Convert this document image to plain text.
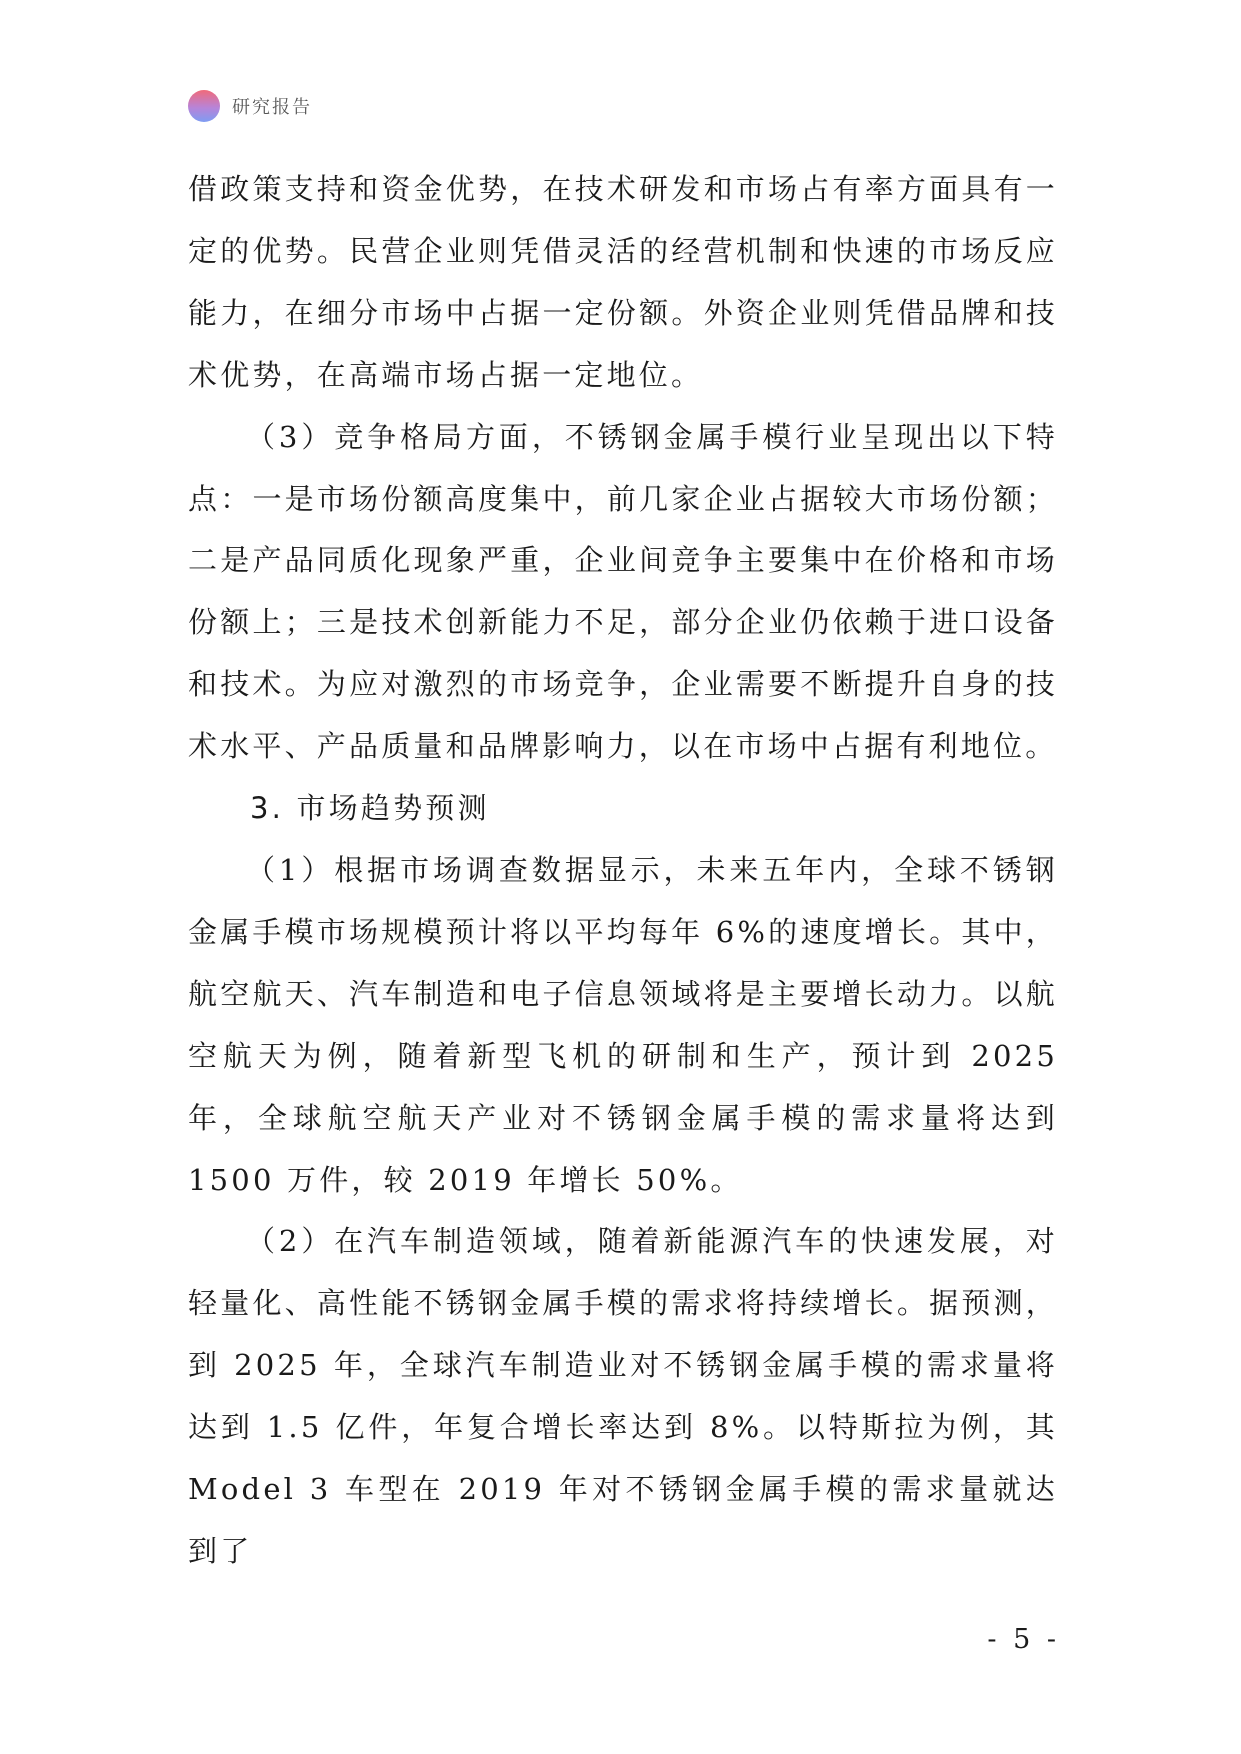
研究报告

借政策支持和资金优势，在技术研发和市场占有率方面具有一定的优势。民营企业则凭借灵活的经营机制和快速的市场反应能力，在细分市场中占据一定份额。外资企业则凭借品牌和技术优势，在高端市场占据一定地位。

（3）竞争格局方面，不锈钢金属手模行业呈现出以下特点：一是市场份额高度集中，前几家企业占据较大市场份额；二是产品同质化现象严重，企业间竞争主要集中在价格和市场份额上；三是技术创新能力不足，部分企业仍依赖于进口设备和技术。为应对激烈的市场竞争，企业需要不断提升自身的技术水平、产品质量和品牌影响力，以在市场中占据有利地位。

3. 市场趋势预测

（1）根据市场调查数据显示，未来五年内，全球不锈钢金属手模市场规模预计将以平均每年 6%的速度增长。其中，航空航天、汽车制造和电子信息领域将是主要增长动力。以航空航天为例，随着新型飞机的研制和生产，预计到 2025 年，全球航空航天产业对不锈钢金属手模的需求量将达到 1500 万件，较 2019 年增长 50%。

（2）在汽车制造领域，随着新能源汽车的快速发展，对轻量化、高性能不锈钢金属手模的需求将持续增长。据预测，到 2025 年，全球汽车制造业对不锈钢金属手模的需求量将达到 1.5 亿件，年复合增长率达到 8%。以特斯拉为例，其 Model 3 车型在 2019 年对不锈钢金属手模的需求量就达到了

- 5 -
